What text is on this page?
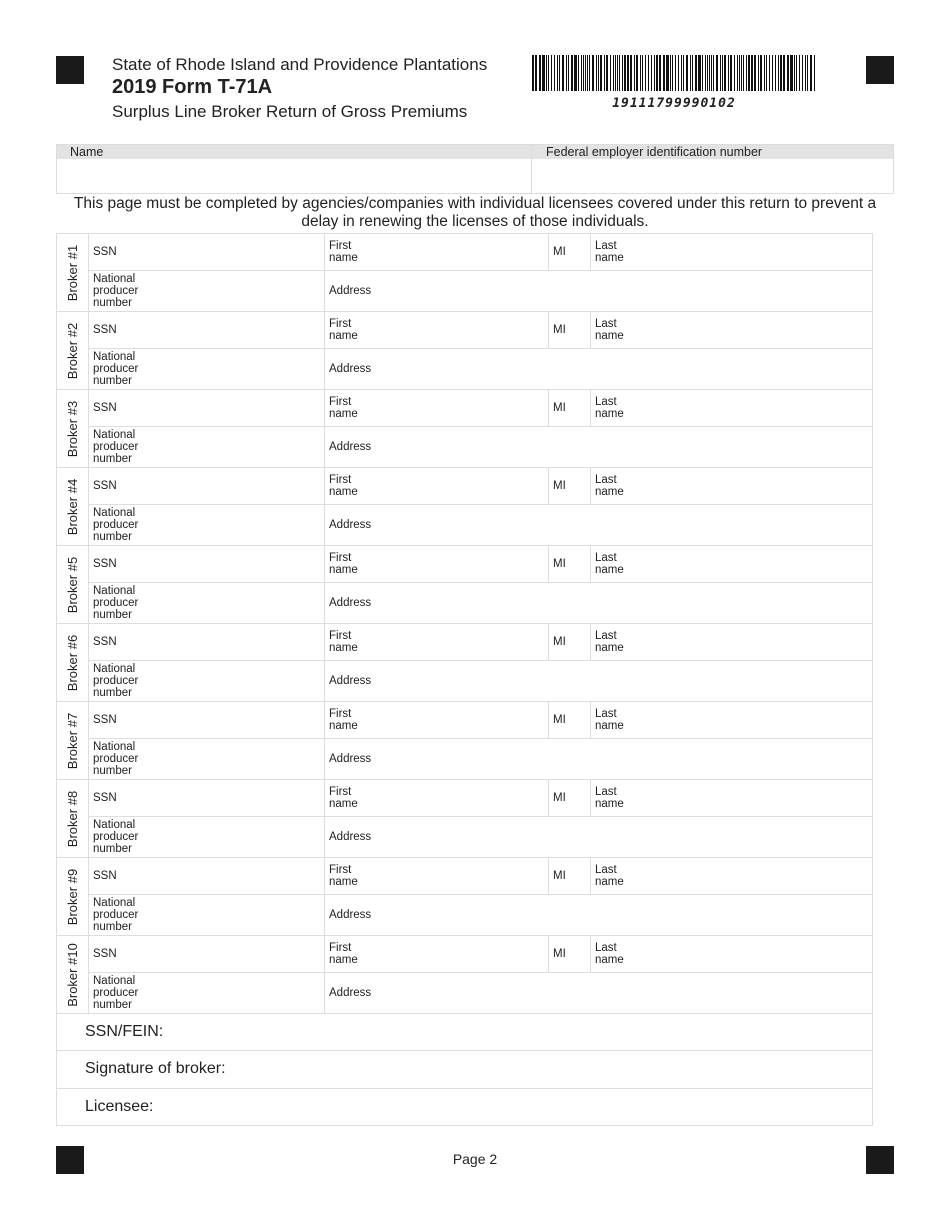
State of Rhode Island and Providence Plantations
2019 Form T-71A
Surplus Line Broker Return of Gross Premiums	19111799990102
Name	Federal employer identification number
This page must be completed by agencies/companies with individual licensees covered under this return to prevent a delay in renewing the licenses of those individuals.
Broker #1	SSN	First name	MI	Last name

	National producer number	Address		

Broker #2	SSN	First name	MI	Last name

	National producer number	Address		

Broker #3	SSN	First name	MI	Last name

	National producer number	Address		

Broker #4	SSN	First name	MI	Last name

	National producer number	Address		

Broker #5	SSN	First name	MI	Last name

	National producer number	Address		

Broker #6	SSN	First name	MI	Last name

	National producer number	Address		

Broker #7	SSN	First name	MI	Last name

	National producer number	Address		

Broker #8	SSN	First name	MI	Last name

	National producer number	Address		

Broker #9	SSN	First name	MI	Last name

	National producer number	Address		

Broker #10	SSN	First name	MI	Last name

	National producer number	Address		
SSN/FEIN:				
Signature of broker:				
Licensee:				
Page 2
